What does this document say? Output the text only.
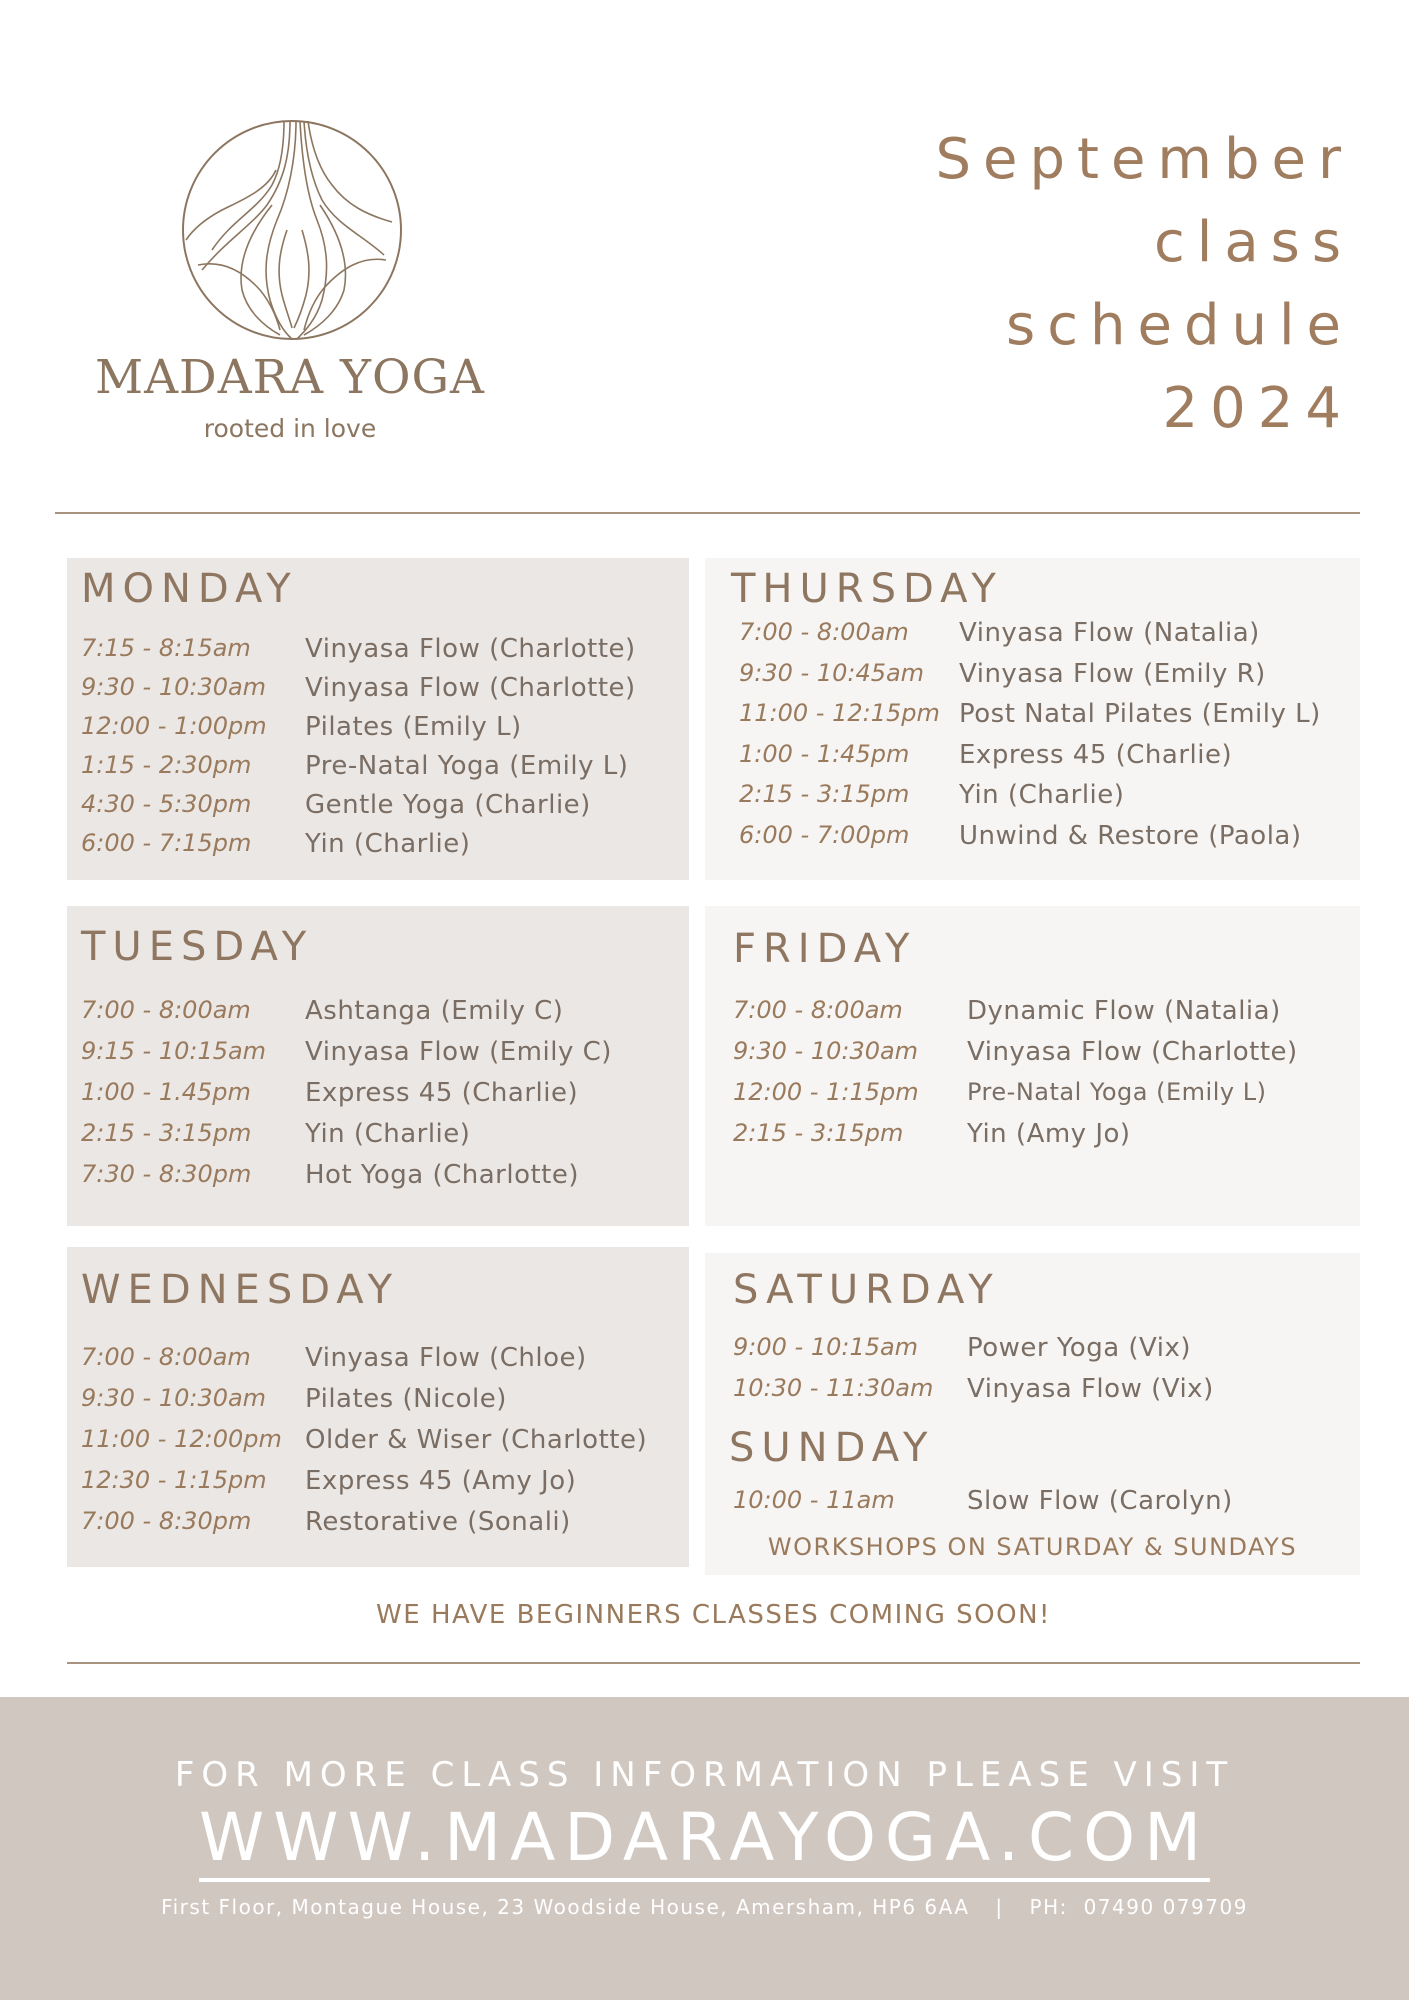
MADARA YOGA
rooted in love
September
class
schedule
2024
MONDAY
7:15 - 8:15am Vinyasa Flow (Charlotte)
9:30 - 10:30am Vinyasa Flow (Charlotte)
12:00 - 1:00pm Pilates (Emily L)
1:15 - 2:30pm Pre-Natal Yoga (Emily L)
4:30 - 5:30pm Gentle Yoga (Charlie)
6:00 - 7:15pm Yin (Charlie)
THURSDAY
7:00 - 8:00am Vinyasa Flow (Natalia)
9:30 - 10:45am Vinyasa Flow (Emily R)
11:00 - 12:15pm Post Natal Pilates (Emily L)
1:00 - 1:45pm Express 45 (Charlie)
2:15 - 3:15pm Yin (Charlie)
6:00 - 7:00pm Unwind & Restore (Paola)
TUESDAY
7:00 - 8:00am Ashtanga (Emily C)
9:15 - 10:15am Vinyasa Flow (Emily C)
1:00 - 1.45pm Express 45 (Charlie)
2:15 - 3:15pm Yin (Charlie)
7:30 - 8:30pm Hot Yoga (Charlotte)
FRIDAY
7:00 - 8:00am Dynamic Flow (Natalia)
9:30 - 10:30am Vinyasa Flow (Charlotte)
12:00 - 1:15pm Pre-Natal Yoga (Emily L)
2:15 - 3:15pm Yin (Amy Jo)
WEDNESDAY
7:00 - 8:00am Vinyasa Flow (Chloe)
9:30 - 10:30am Pilates (Nicole)
11:00 - 12:00pm Older & Wiser (Charlotte)
12:30 - 1:15pm Express 45 (Amy Jo)
7:00 - 8:30pm Restorative (Sonali)
SATURDAY
9:00 - 10:15am Power Yoga (Vix)
10:30 - 11:30am Vinyasa Flow (Vix)
SUNDAY
10:00 - 11am	Slow Flow (Carolyn)
WORKSHOPS ON SATURDAY & SUNDAYS
WE HAVE BEGINNERS CLASSES COMING SOON!
FOR MORE CLASS INFORMATION PLEASE VISIT
WWW.MADARAYOGA.COM
First Floor, Montague House, 23 Woodside House, Amersham, HP6 6AA | PH:  07490 079709
